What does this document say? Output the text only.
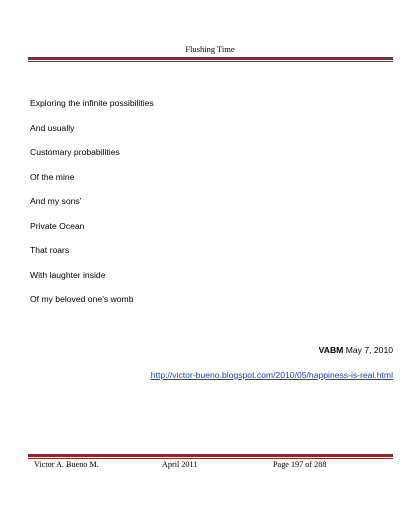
Flushing Time
Exploring the infinite possibilities
And usually
Customary probabilities
Of the mine
And my sons’
Private Ocean
That roars
With laughter inside
Of my beloved one’s womb
VABM May 7, 2010
http://victor-bueno.blogspot.com/2010/05/happiness-is-real.html
Victor A. Bueno M.	April 2011	Page 197 of 288
